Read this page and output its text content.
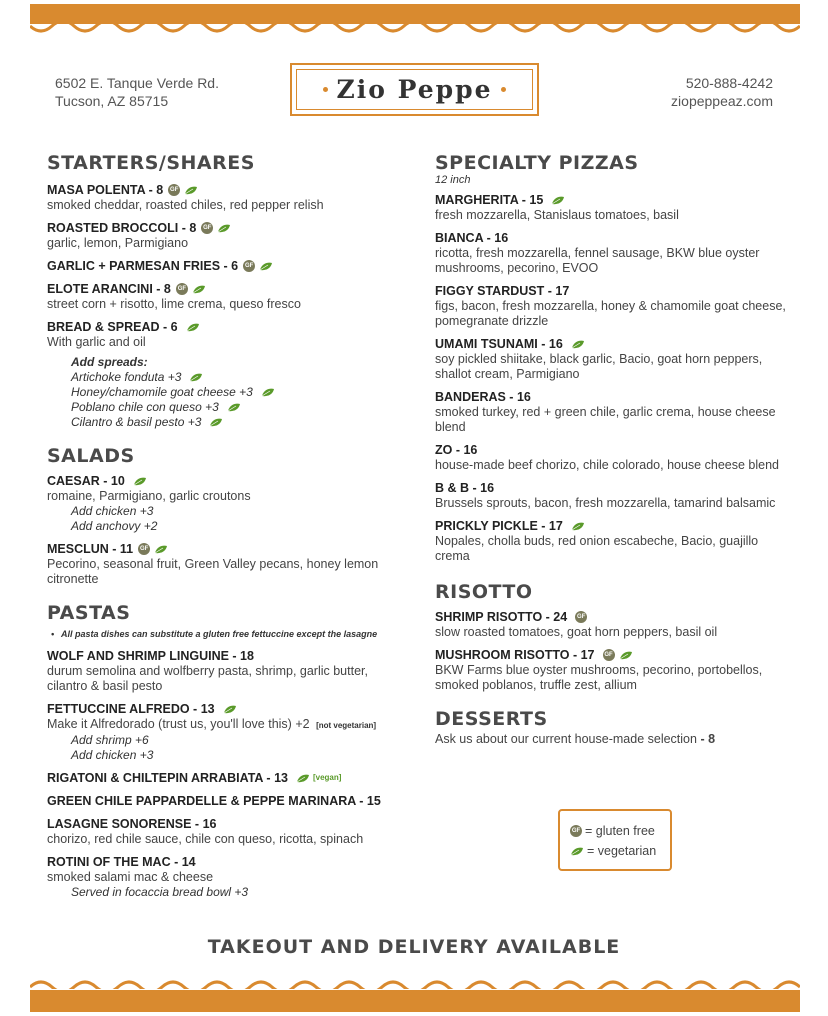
6502 E. Tanque Verde Rd.
Tucson, AZ 85715	Zio Peppe	520-888-4242
ziopeppeaz.com
STARTERS/SHARES
MASA POLENTA - 8	GF
smoked cheddar, roasted chiles, red pepper relish
ROASTED BROCCOLI - 8	GF
garlic, lemon, Parmigiano
GARLIC + PARMESAN FRIES - 6	GF
ELOTE ARANCINI - 8	GF
street corn + risotto, lime crema, queso fresco
BREAD & SPREAD - 6
With garlic and oil
Add spreads:
Artichoke fonduta +3
Honey/chamomile goat cheese +3
Poblano chile con queso +3
Cilantro & basil pesto +3
SALADS
CAESAR - 10
romaine, Parmigiano, garlic croutons
Add chicken +3
Add anchovy +2
MESCLUN - 11	GF
Pecorino, seasonal fruit, Green Valley pecans, honey lemon citronette
PASTAS
• All pasta dishes can substitute a gluten free fettuccine except the lasagne
WOLF AND SHRIMP LINGUINE - 18
durum semolina and wolfberry pasta, shrimp, garlic butter, cilantro & basil pesto
FETTUCCINE ALFREDO - 13
Make it Alfredorado (trust us, you'll love this) +2 [not vegetarian]
Add shrimp +6
Add chicken +3
RIGATONI & CHILTEPIN ARRABIATA - 13	[vegan]
GREEN CHILE PAPPARDELLE & PEPPE MARINARA - 15
LASAGNE SONORENSE - 16
chorizo, red chile sauce, chile con queso, ricotta, spinach
ROTINI OF THE MAC - 14
smoked salami mac & cheese
Served in focaccia bread bowl +3
SPECIALTY PIZZAS
12 inch
MARGHERITA - 15
fresh mozzarella, Stanislaus tomatoes, basil
BIANCA - 16
ricotta, fresh mozzarella, fennel sausage, BKW blue oyster mushrooms, pecorino, EVOO
FIGGY STARDUST - 17
figs, bacon, fresh mozzarella, honey & chamomile goat cheese, pomegranate drizzle
UMAMI TSUNAMI - 16
soy pickled shiitake, black garlic, Bacio, goat horn peppers, shallot cream, Parmigiano
BANDERAS - 16
smoked turkey, red + green chile, garlic crema, house cheese blend
ZO - 16
house-made beef chorizo, chile colorado, house cheese blend
B & B - 16
Brussels sprouts, bacon, fresh mozzarella, tamarind balsamic
PRICKLY PICKLE - 17
Nopales, cholla buds, red onion escabeche, Bacio, guajillo crema
RISOTTO
SHRIMP RISOTTO - 24	GF
slow roasted tomatoes, goat horn peppers, basil oil
MUSHROOM RISOTTO - 17	GF
BKW Farms blue oyster mushrooms, pecorino, portobellos, smoked poblanos, truffle zest, allium
DESSERTS
Ask us about our current house-made selection - 8
GF = gluten free
= vegetarian
TAKEOUT AND DELIVERY AVAILABLE
